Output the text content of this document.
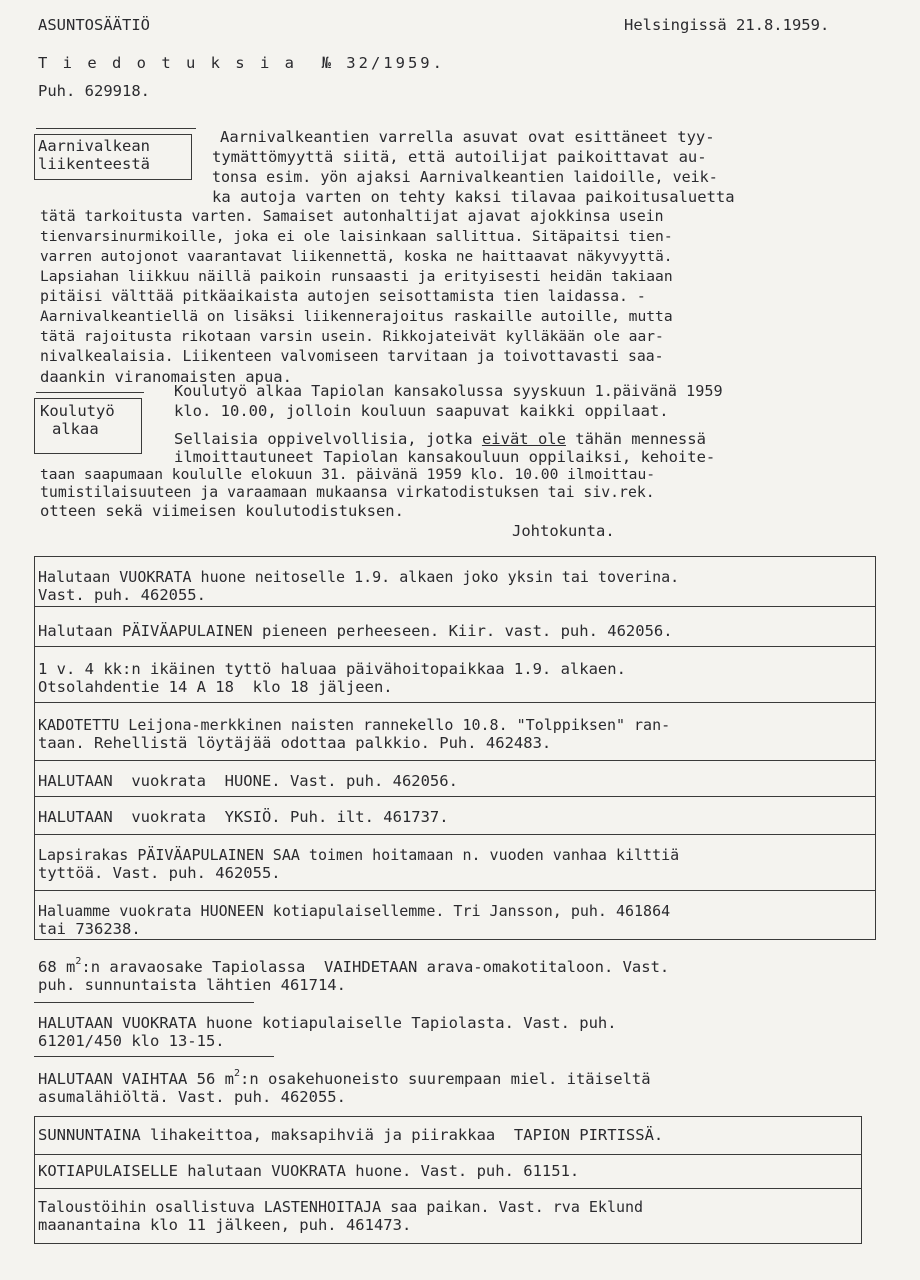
ASUNTOSÄÄTIÖ	Helsingissä 21.8.1959.
T i e d o t u k s i a  № 32/1959.
Puh. 629918.
Aarnivalkean
liikenteestä
Aarnivalkeantien varrella asuvat ovat esittäneet tyy-
tymättömyyttä siitä, että autoilijat paikoittavat au-
tonsa esim. yön ajaksi Aarnivalkeantien laidoille, veik-
ka autoja varten on tehty kaksi tilavaa paikoitusaluetta
tätä tarkoitusta varten. Samaiset autonhaltijat ajavat ajokkinsa usein
tienvarsinurmikoille, joka ei ole laisinkaan sallittua. Sitäpaitsi tien-
varren autojonot vaarantavat liikennettä, koska ne haittaavat näkyvyyttä.
Lapsiahan liikkuu näillä paikoin runsaasti ja erityisesti heidän takiaan
pitäisi välttää pitkäaikaista autojen seisottamista tien laidassa. -
Aarnivalkeantiellä on lisäksi liikennerajoitus raskaille autoille, mutta
tätä rajoitusta rikotaan varsin usein. Rikkojateivät kylläkään ole aar-
nivalkealaisia. Liikenteen valvomiseen tarvitaan ja toivottavasti saa-
daankin viranomaisten apua.
Koulutyö
alkaa
Koulutyö alkaa Tapiolan kansakolussa syyskuun 1.päivänä 1959
klo. 10.00, jolloin kouluun saapuvat kaikki oppilaat.
Sellaisia oppivelvollisia, jotka eivät ole tähän mennessä
ilmoittautuneet Tapiolan kansakouluun oppilaiksi, kehoite-
taan saapumaan koululle elokuun 31. päivänä 1959 klo. 10.00 ilmoittau-
tumistilaisuuteen ja varaamaan mukaansa virkatodistuksen tai siv.rek.
otteen sekä viimeisen koulutodistuksen.
Johtokunta.
Halutaan VUOKRATA huone neitoselle 1.9. alkaen joko yksin tai toverina.
Vast. puh. 462055.
Halutaan PÄIVÄAPULAINEN pieneen perheeseen. Kiir. vast. puh. 462056.
1 v. 4 kk:n ikäinen tyttö haluaa päivähoitopaikkaa 1.9. alkaen.
Otsolahdentie 14 A 18  klo 18 jäljeen.
KADOTETTU Leijona-merkkinen naisten rannekello 10.8. "Tolppiksen" ran-
taan. Rehellistä löytäjää odottaa palkkio. Puh. 462483.
HALUTAAN  vuokrata  HUONE. Vast. puh. 462056.
HALUTAAN  vuokrata  YKSIÖ. Puh. ilt. 461737.
Lapsirakas PÄIVÄAPULAINEN SAA toimen hoitamaan n. vuoden vanhaa kilttiä
tyttöä. Vast. puh. 462055.
Haluamme vuokrata HUONEEN kotiapulaisellemme. Tri Jansson, puh. 461864
tai 736238.
68 $m^2:n$ aravaosake Tapiolassa  VAIHDETAAN arava-omakotitaloon. Vast.
puh. sunnuntaista lähtien 461714.
HALUTAAN VUOKRATA huone kotiapulaiselle Tapiolasta. Vast. puh.
61201/450 klo 13-15.
HALUTAAN VAIHTAA 56 $m^2:n$ osakehuoneisto suurempaan miel. itäiseltä
asumalähiöltä. Vast. puh. 462055.
SUNNUNTAINA lihakeittoa, maksapihviä ja piirakkaa  TAPION PIRTISSÄ.
KOTIAPULAISELLE halutaan VUOKRATA huone. Vast. puh. 61151.
Taloustöihin osallistuva LASTENHOITAJA saa paikan. Vast. rva Eklund
maanantaina klo 11 jälkeen, puh. 461473.
